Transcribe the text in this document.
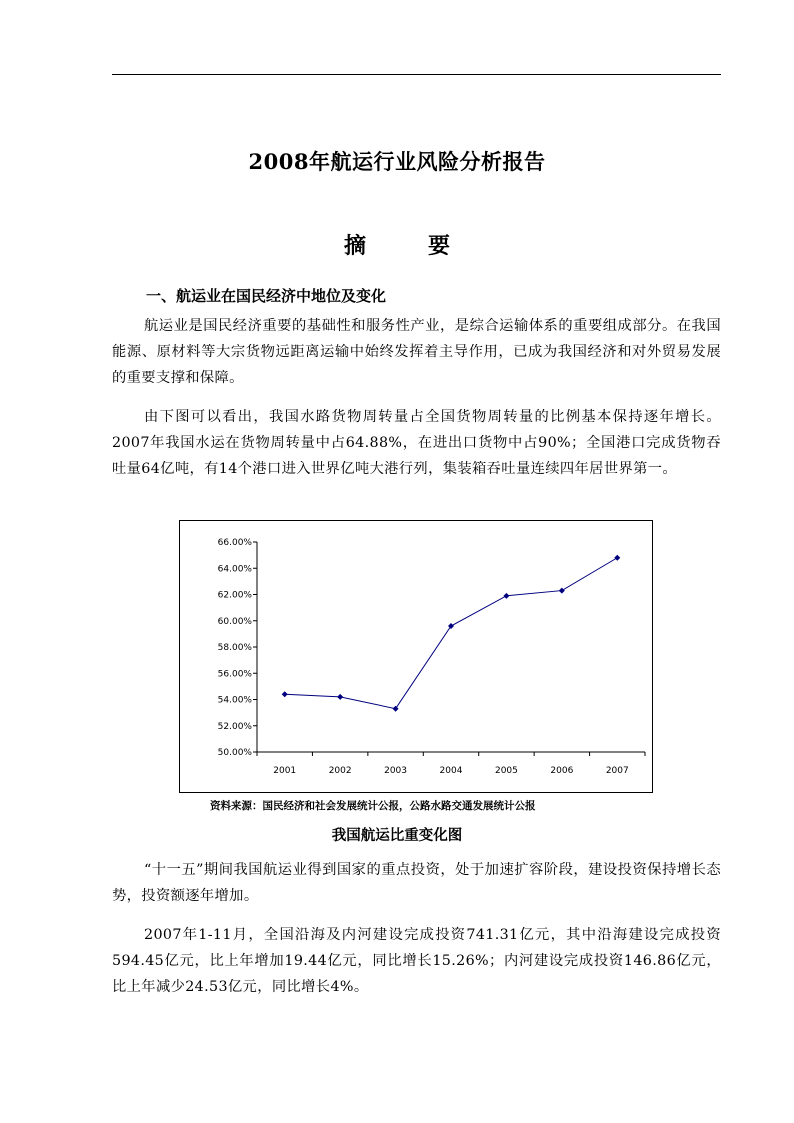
2008年航运行业风险分析报告
摘　要
一、航运业在国民经济中地位及变化
航运业是国民经济重要的基础性和服务性产业，是综合运输体系的重要组成部分。在我国能源、原材料等大宗货物远距离运输中始终发挥着主导作用，已成为我国经济和对外贸易发展的重要支撑和保障。
由下图可以看出，我国水路货物周转量占全国货物周转量的比例基本保持逐年增长。2007年我国水运在货物周转量中占64.88%，在进出口货物中占90%；全国港口完成货物吞吐量64亿吨，有14个港口进入世界亿吨大港行列，集装箱吞吐量连续四年居世界第一。
50.00%
52.00%
54.00%
56.00%
58.00%
60.00%
62.00%
64.00%
66.00%
2001	2002	2003	2004	2005	2006	2007
资料来源：国民经济和社会发展统计公报，公路水路交通发展统计公报
我国航运比重变化图
“十一五”期间我国航运业得到国家的重点投资，处于加速扩容阶段，建设投资保持增长态势，投资额逐年增加。
2007年1-11月，全国沿海及内河建设完成投资741.31亿元，其中沿海建设完成投资594.45亿元，比上年增加19.44亿元，同比增长15.26%；内河建设完成投资146.86亿元，比上年减少24.53亿元，同比增长4%。
